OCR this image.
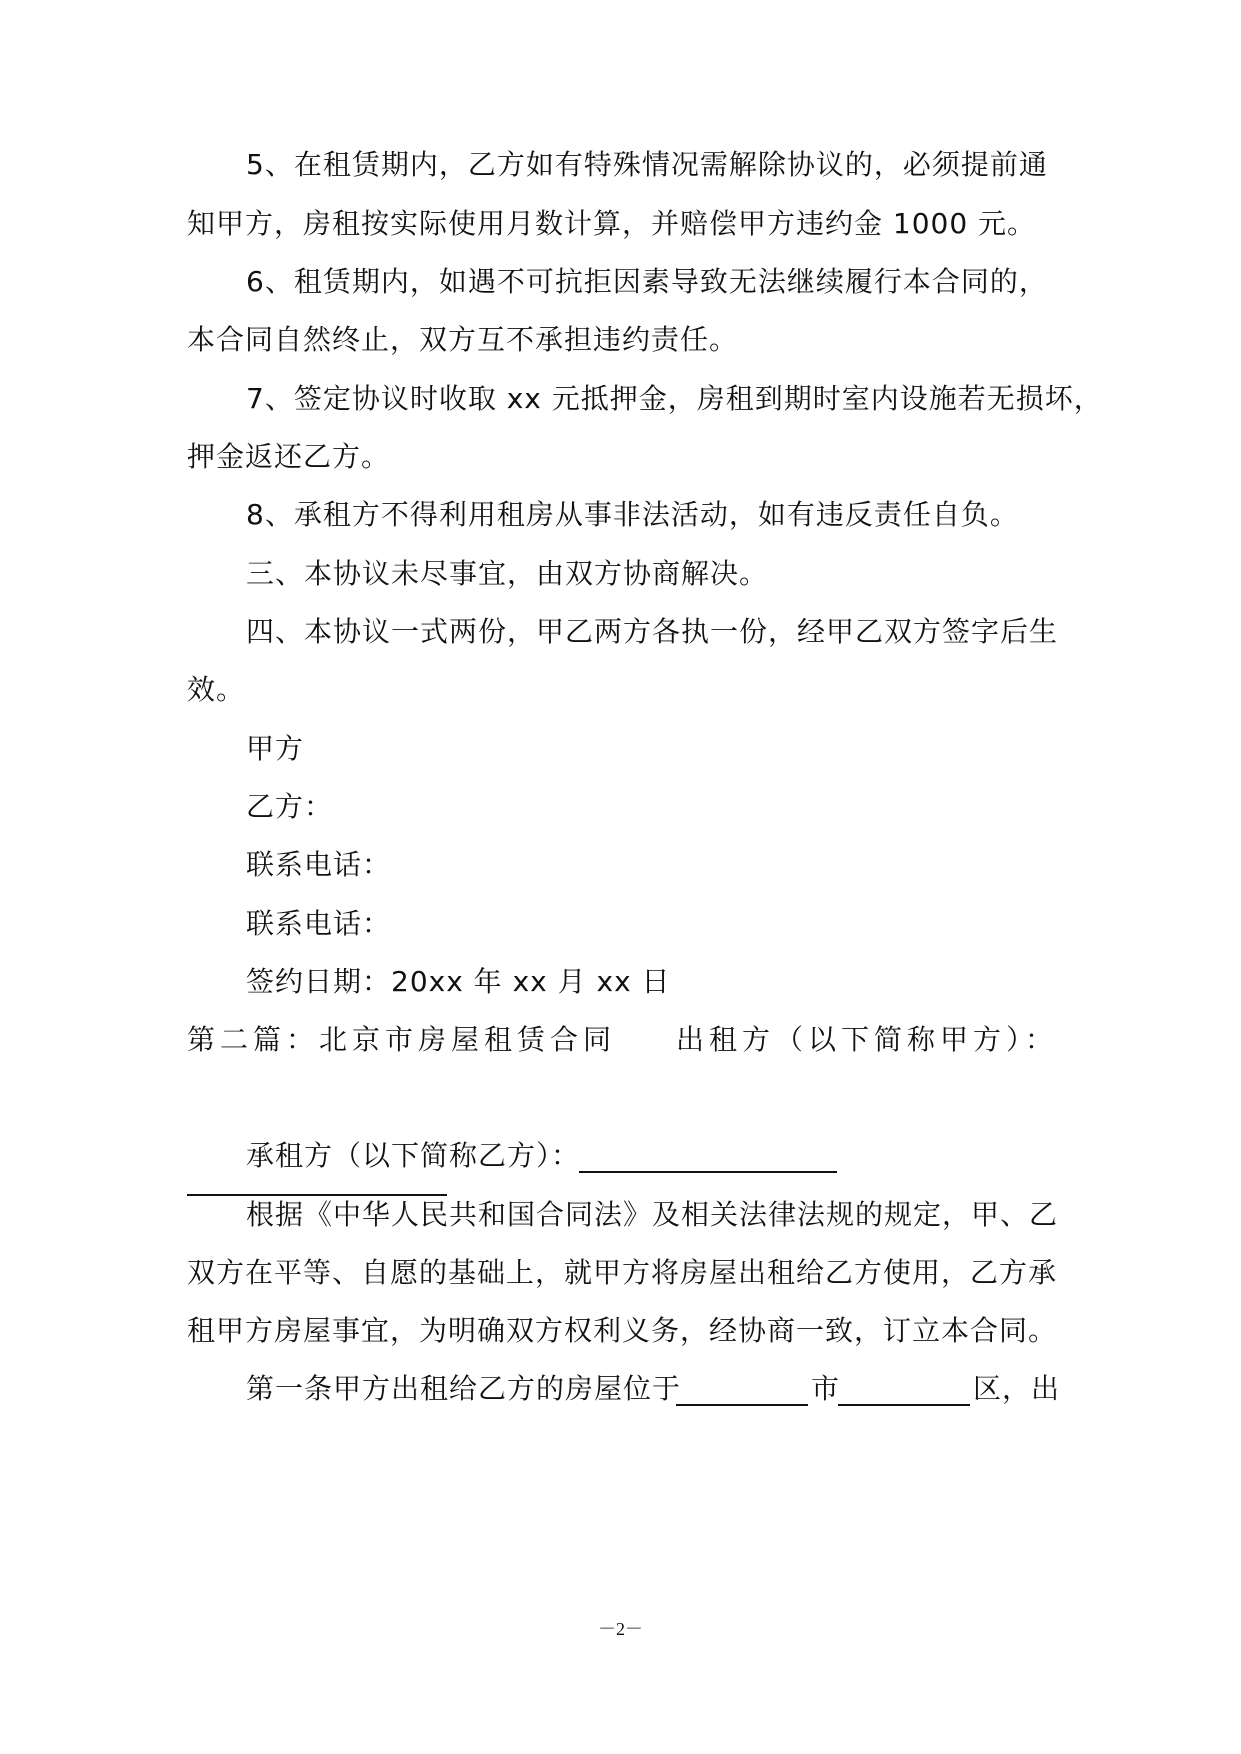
5、在租赁期内，乙方如有特殊情况需解除协议的，必须提前通
知甲方，房租按实际使用月数计算，并赔偿甲方违约金 1000 元。
6、租赁期内，如遇不可抗拒因素导致无法继续履行本合同的，
本合同自然终止，双方互不承担违约责任。
7、签定协议时收取 xx 元抵押金，房租到期时室内设施若无损坏，
押金返还乙方。
8、承租方不得利用租房从事非法活动，如有违反责任自负。
三、本协议未尽事宜，由双方协商解决。
四、本协议一式两份，甲乙两方各执一份，经甲乙双方签字后生
效。
甲方
乙方：
联系电话：
联系电话：
签约日期：20xx 年 xx 月 xx 日
第二篇：北京市房屋租赁合同 出租方（以下简称甲方）：
承租方（以下简称乙方）：
根据《中华人民共和国合同法》及相关法律法规的规定，甲、乙
双方在平等、自愿的基础上，就甲方将房屋出租给乙方使用，乙方承
租甲方房屋事宜，为明确双方权利义务，经协商一致，订立本合同。
第一条甲方出租给乙方的房屋位于	市	区，出
－2－
